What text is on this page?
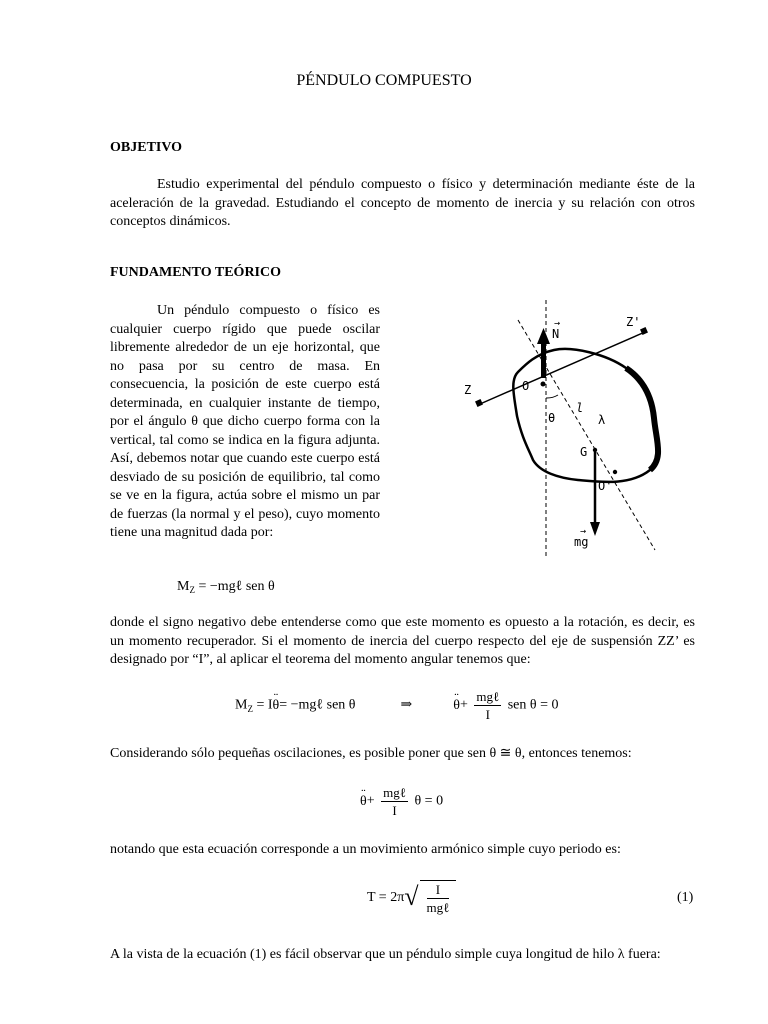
PÉNDULO COMPUESTO
OBJETIVO
Estudio experimental del péndulo compuesto o físico y determinación mediante éste de la aceleración de la gravedad. Estudiando el concepto de momento de inercia y su relación con otros conceptos dinámicos.
FUNDAMENTO TEÓRICO
Un péndulo compuesto o físico es cualquier cuerpo rígido que puede oscilar libremente alrededor de un eje horizontal, que no pasa por su centro de masa. En consecuencia, la posición de este cuerpo está determinada, en cualquier instante de tiempo, por el ángulo θ que dicho cuerpo forma con la vertical, tal como se indica en la figura adjunta. Así, debemos notar que cuando este cuerpo está desviado de su posición de equilibrio, tal como se ve en la figura, actúa sobre el mismo un par de fuerzas (la normal y el peso), cuyo momento tiene una magnitud dada por:
N
→	Z'
Z	O
θ
l
λ
G
O'
mg
→
$M_Z$ = −mgℓ sen θ
donde el signo negativo debe entenderse como que este momento es opuesto a la rotación, es decir, es un momento recuperador. Si el momento de inercia del cuerpo respecto del eje de suspensión ZZ’ es designado por “I”, al aplicar el teorema del momento angular tenemos que:
$M_Z$ = I¨ θ= −mgℓ sen θ	⇒  ¨	$\theta+ \frac{\text{mgℓ}}{I}$ sen θ = 0
Considerando sólo pequeñas oscilaciones, es posible poner que sen θ ≅ θ, entonces tenemos:
¨ $\theta+ \frac{\text{mgℓ}}{I}$ θ = 0
notando que esta ecuación corresponde a un movimiento armónico simple cuyo periodo es:
$T = 2\pi√ \frac{I}{\text{mgℓ}}$	(1)
A la vista de la ecuación (1) es fácil observar que un péndulo simple cuya longitud de hilo λ fuera:
